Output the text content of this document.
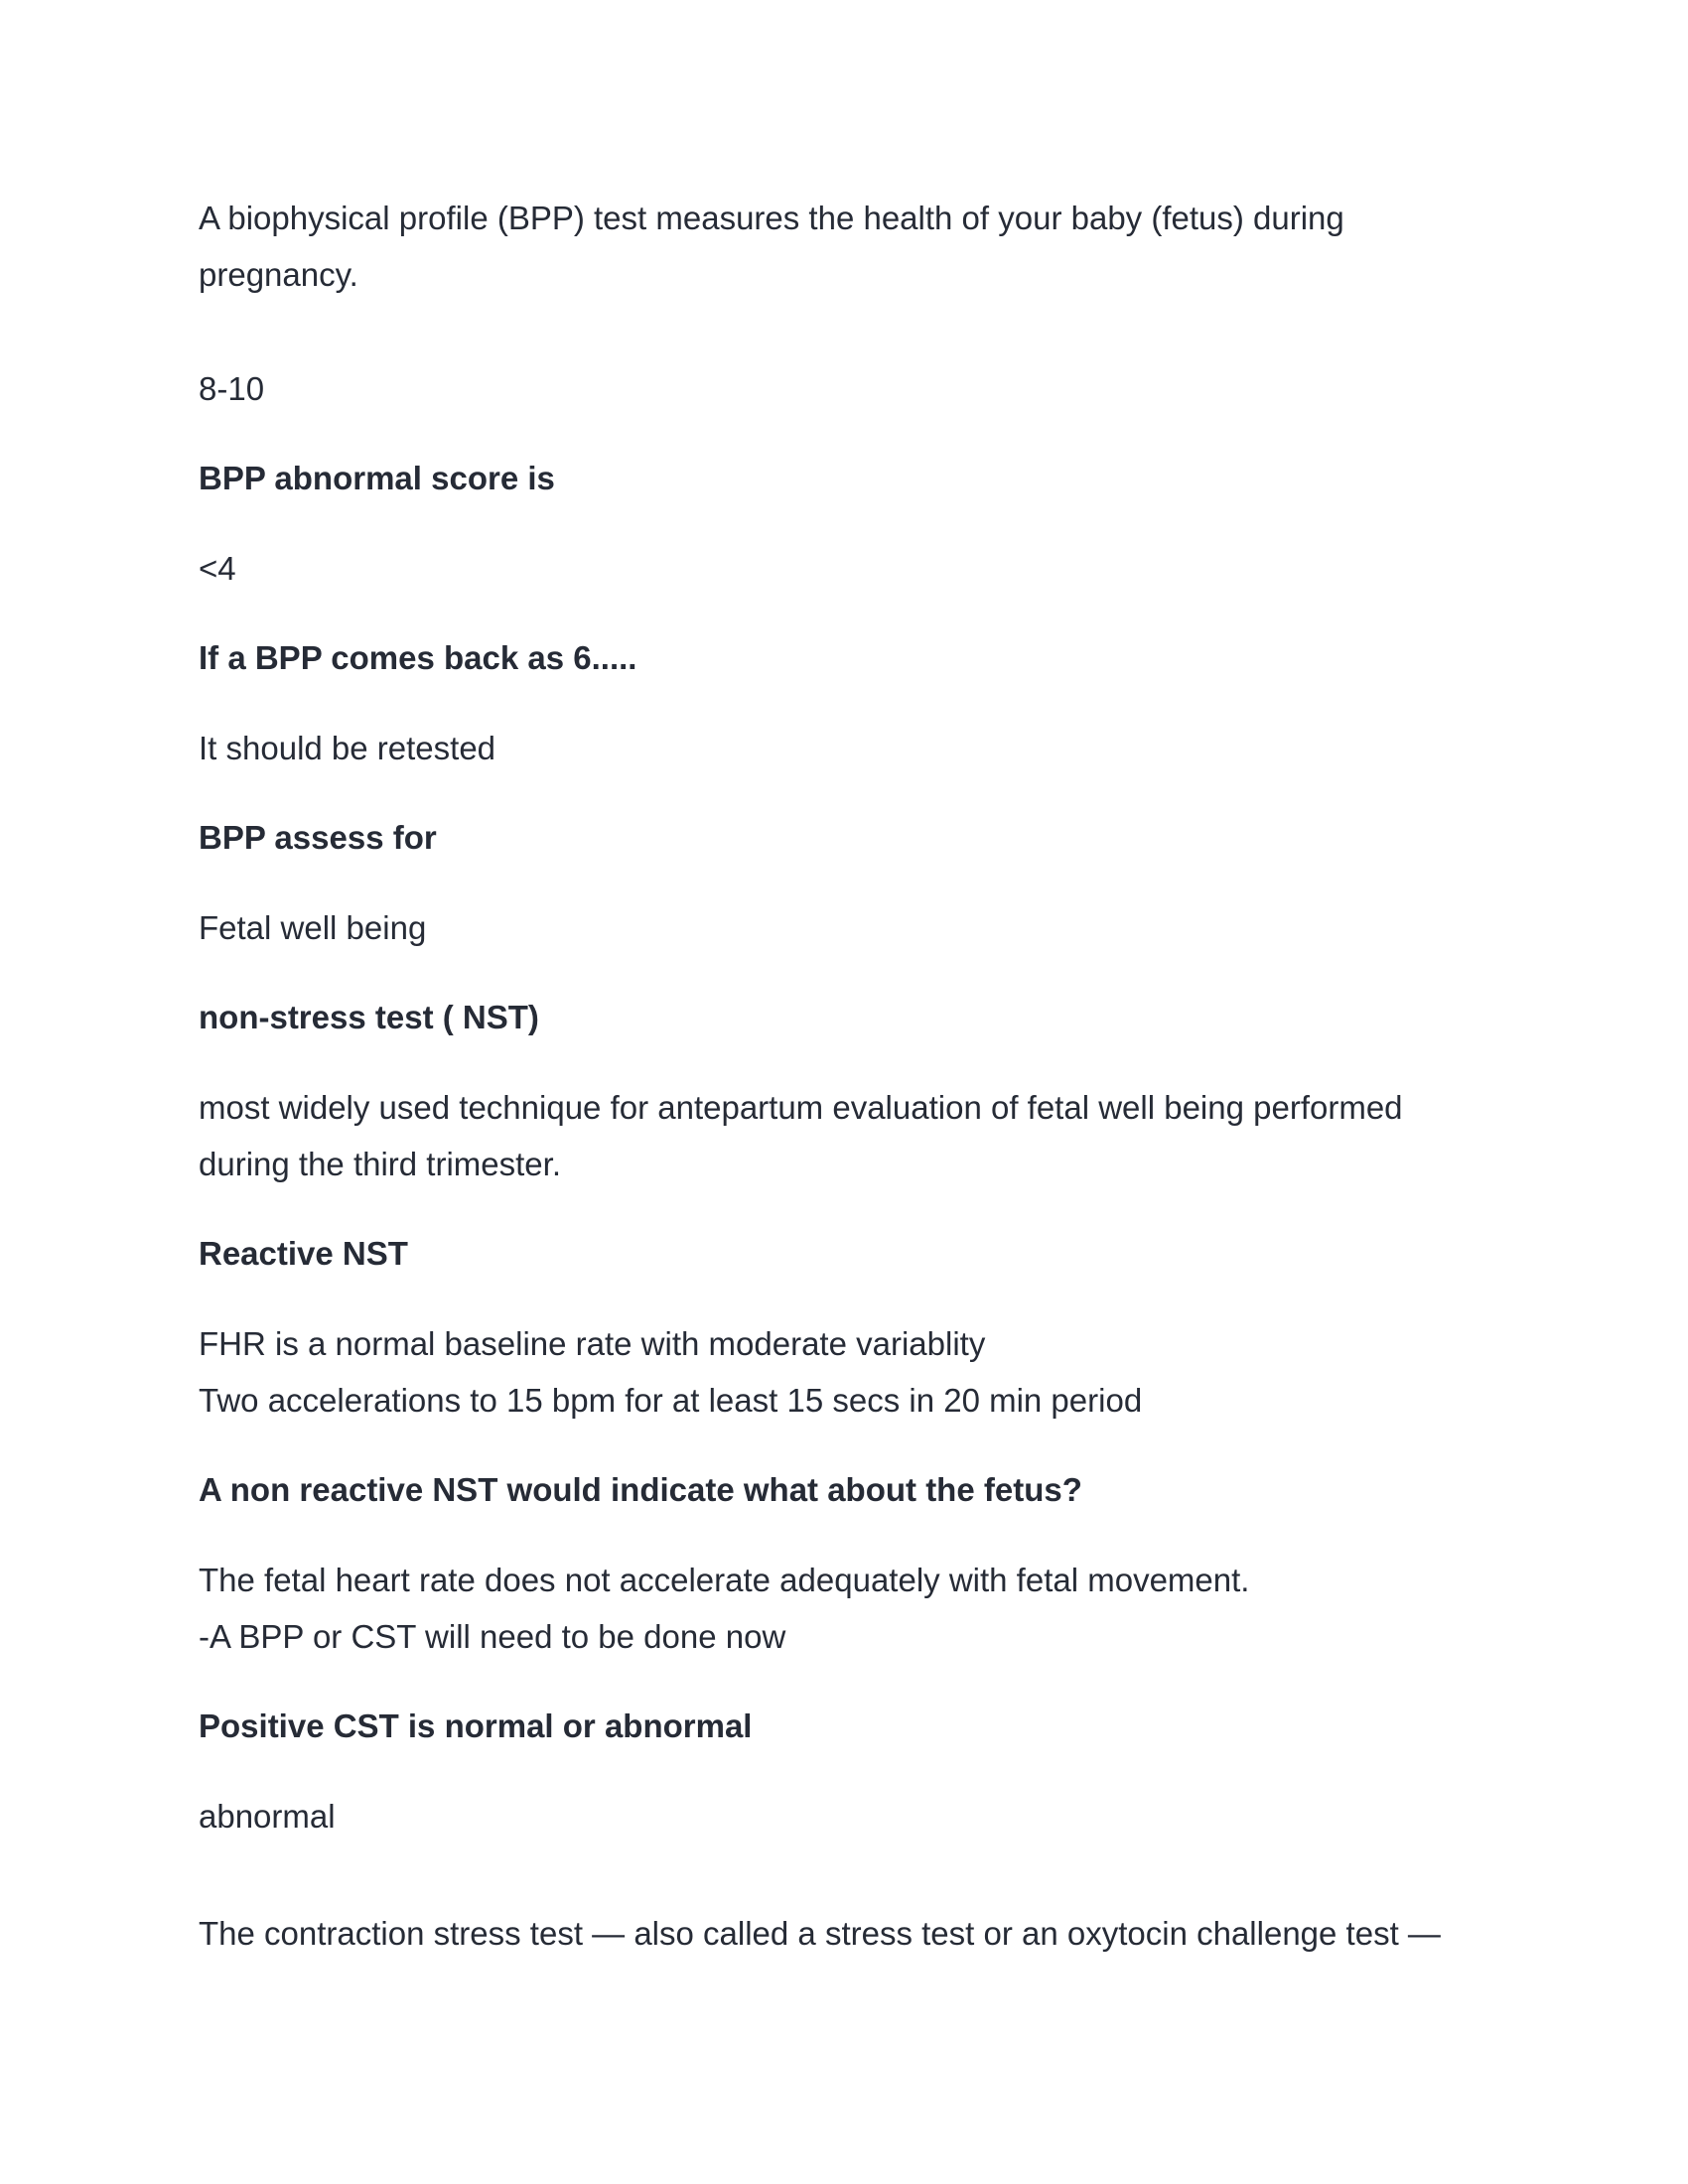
A biophysical profile (BPP) test measures the health of your baby (fetus) during
pregnancy.

8-10

BPP abnormal score is

<4

If a BPP comes back as 6.....

It should be retested

BPP assess for

Fetal well being

non-stress test ( NST)

most widely used technique for antepartum evaluation of fetal well being performed
during the third trimester.

Reactive NST

FHR is a normal baseline rate with moderate variablity
Two accelerations to 15 bpm for at least 15 secs in 20 min period

A non reactive NST would indicate what about the fetus?

The fetal heart rate does not accelerate adequately with fetal movement.
-A BPP or CST will need to be done now

Positive CST is normal or abnormal

abnormal

The contraction stress test — also called a stress test or an oxytocin challenge test —
